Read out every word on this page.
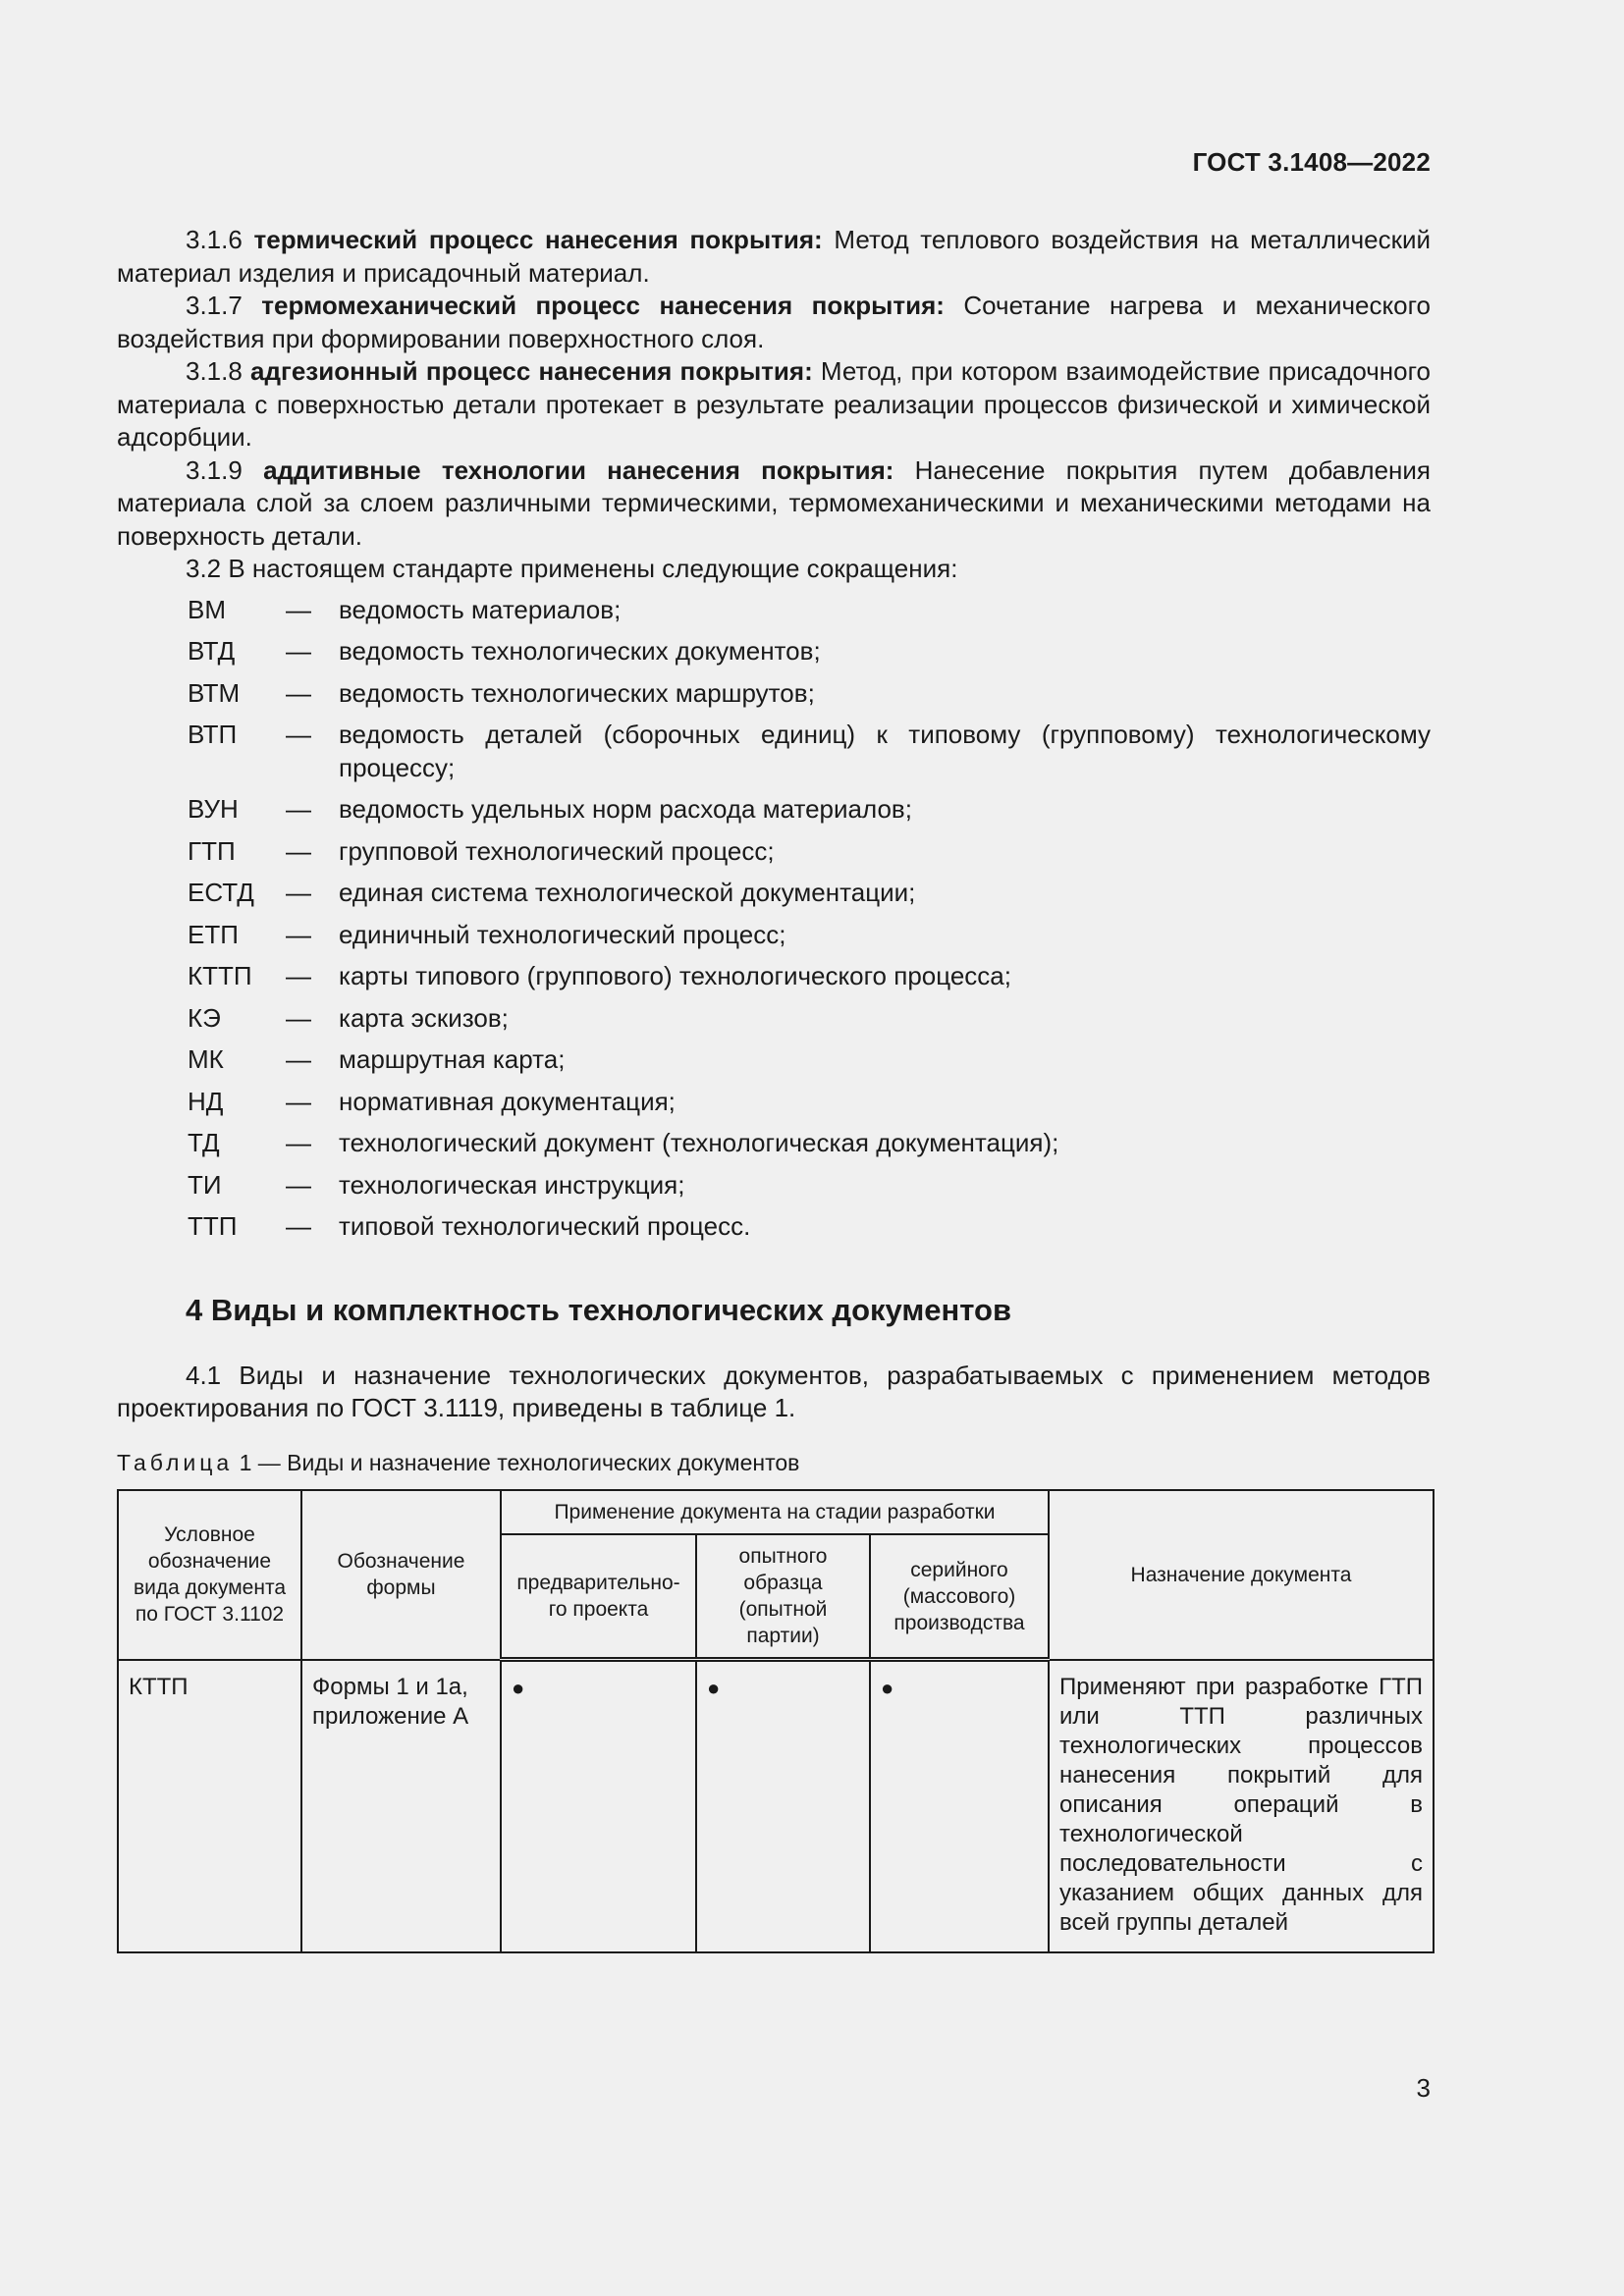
ГОСТ 3.1408—2022

3.1.6 термический процесс нанесения покрытия: Метод теплового воздействия на металлический материал изделия и присадочный материал.

3.1.7 термомеханический процесс нанесения покрытия: Сочетание нагрева и механического воздействия при формировании поверхностного слоя.

3.1.8 адгезионный процесс нанесения покрытия: Метод, при котором взаимодействие присадочного материала с поверхностью детали протекает в результате реализации процессов физической и химической адсорбции.

3.1.9 аддитивные технологии нанесения покрытия: Нанесение покрытия путем добавления материала слой за слоем различными термическими, термомеханическими и механическими методами на поверхность детали.

3.2 В настоящем стандарте применены следующие сокращения:

ВМ	—	ведомость материалов;
ВТД	—	ведомость технологических документов;
ВТМ	—	ведомость технологических маршрутов;
ВТП	—	ведомость деталей (сборочных единиц) к типовому (групповому) технологическому процессу;
ВУН	—	ведомость удельных норм расхода материалов;
ГТП	—	групповой технологический процесс;
ЕСТД	—	единая система технологической документации;
ЕТП	—	единичный технологический процесс;
КТТП	—	карты типового (группового) технологического процесса;
КЭ	—	карта эскизов;
МК	—	маршрутная карта;
НД	—	нормативная документация;
ТД	—	технологический документ (технологическая документация);
ТИ	—	технологическая инструкция;
ТТП	—	типовой технологический процесс.
4 Виды и комплектность технологических документов

4.1 Виды и назначение технологических документов, разрабатываемых с применением методов проектирования по ГОСТ 3.1119, приведены в таблице 1.

Таблица 1 — Виды и назначение технологических документов
Условное обозначение вида документа по ГОСТ 3.1102	Обозначение формы	Применение документа на стадии разработки			Назначение документа
		предварительно-го проекта	опытного образца (опытной партии)	серийного (массового) производства	
КТТП	Формы 1 и 1а, приложение А	●	●	●	Применяют при разработке ГТП или ТТП различных технологических процессов нанесения покрытий для описания операций в технологической последовательности с указанием общих данных для всей группы деталей
3
